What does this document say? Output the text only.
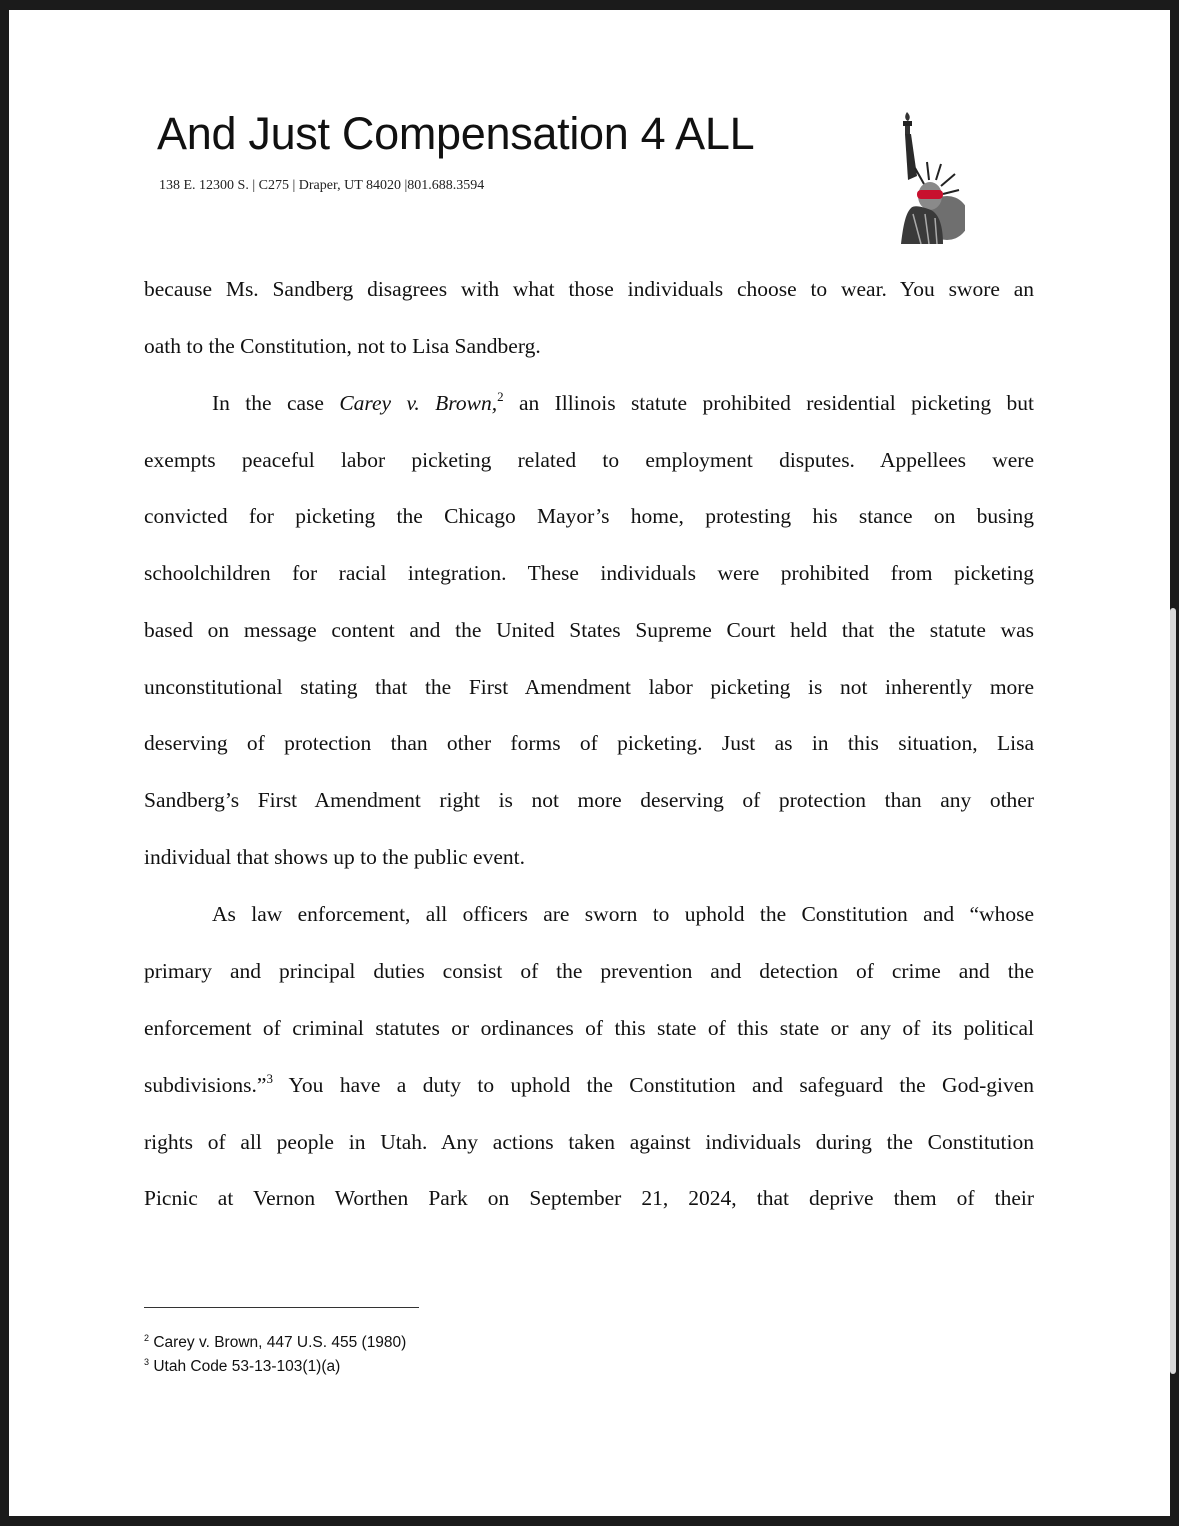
And Just Compensation 4 ALL
138 E. 12300 S. | C275 | Draper, UT 84020 |801.688.3594
because Ms. Sandberg disagrees with what those individuals choose to wear. You swore an
oath to the Constitution, not to Lisa Sandberg.
In the case Carey v. Brown,$^2$ an Illinois statute prohibited residential picketing but
exempts peaceful labor picketing related to employment disputes. Appellees were
convicted for picketing the Chicago Mayor’s home, protesting his stance on busing
schoolchildren for racial integration. These individuals were prohibited from picketing
based on message content and the United States Supreme Court held that the statute was
unconstitutional stating that the First Amendment labor picketing is not inherently more
deserving of protection than other forms of picketing. Just as in this situation, Lisa
Sandberg’s First Amendment right is not more deserving of protection than any other
individual that shows up to the public event.
As law enforcement, all officers are sworn to uphold the Constitution and “whose
primary and principal duties consist of the prevention and detection of crime and the
enforcement of criminal statutes or ordinances of this state of this state or any of its political
subdivisions.”$^3$ You have a duty to uphold the Constitution and safeguard the God-given
rights of all people in Utah. Any actions taken against individuals during the Constitution
Picnic at Vernon Worthen Park on September 21, 2024, that deprive them of their
$^2$ Carey v. Brown, 447 U.S. 455 (1980)
$^3$ Utah Code 53-13-103(1)(a)
